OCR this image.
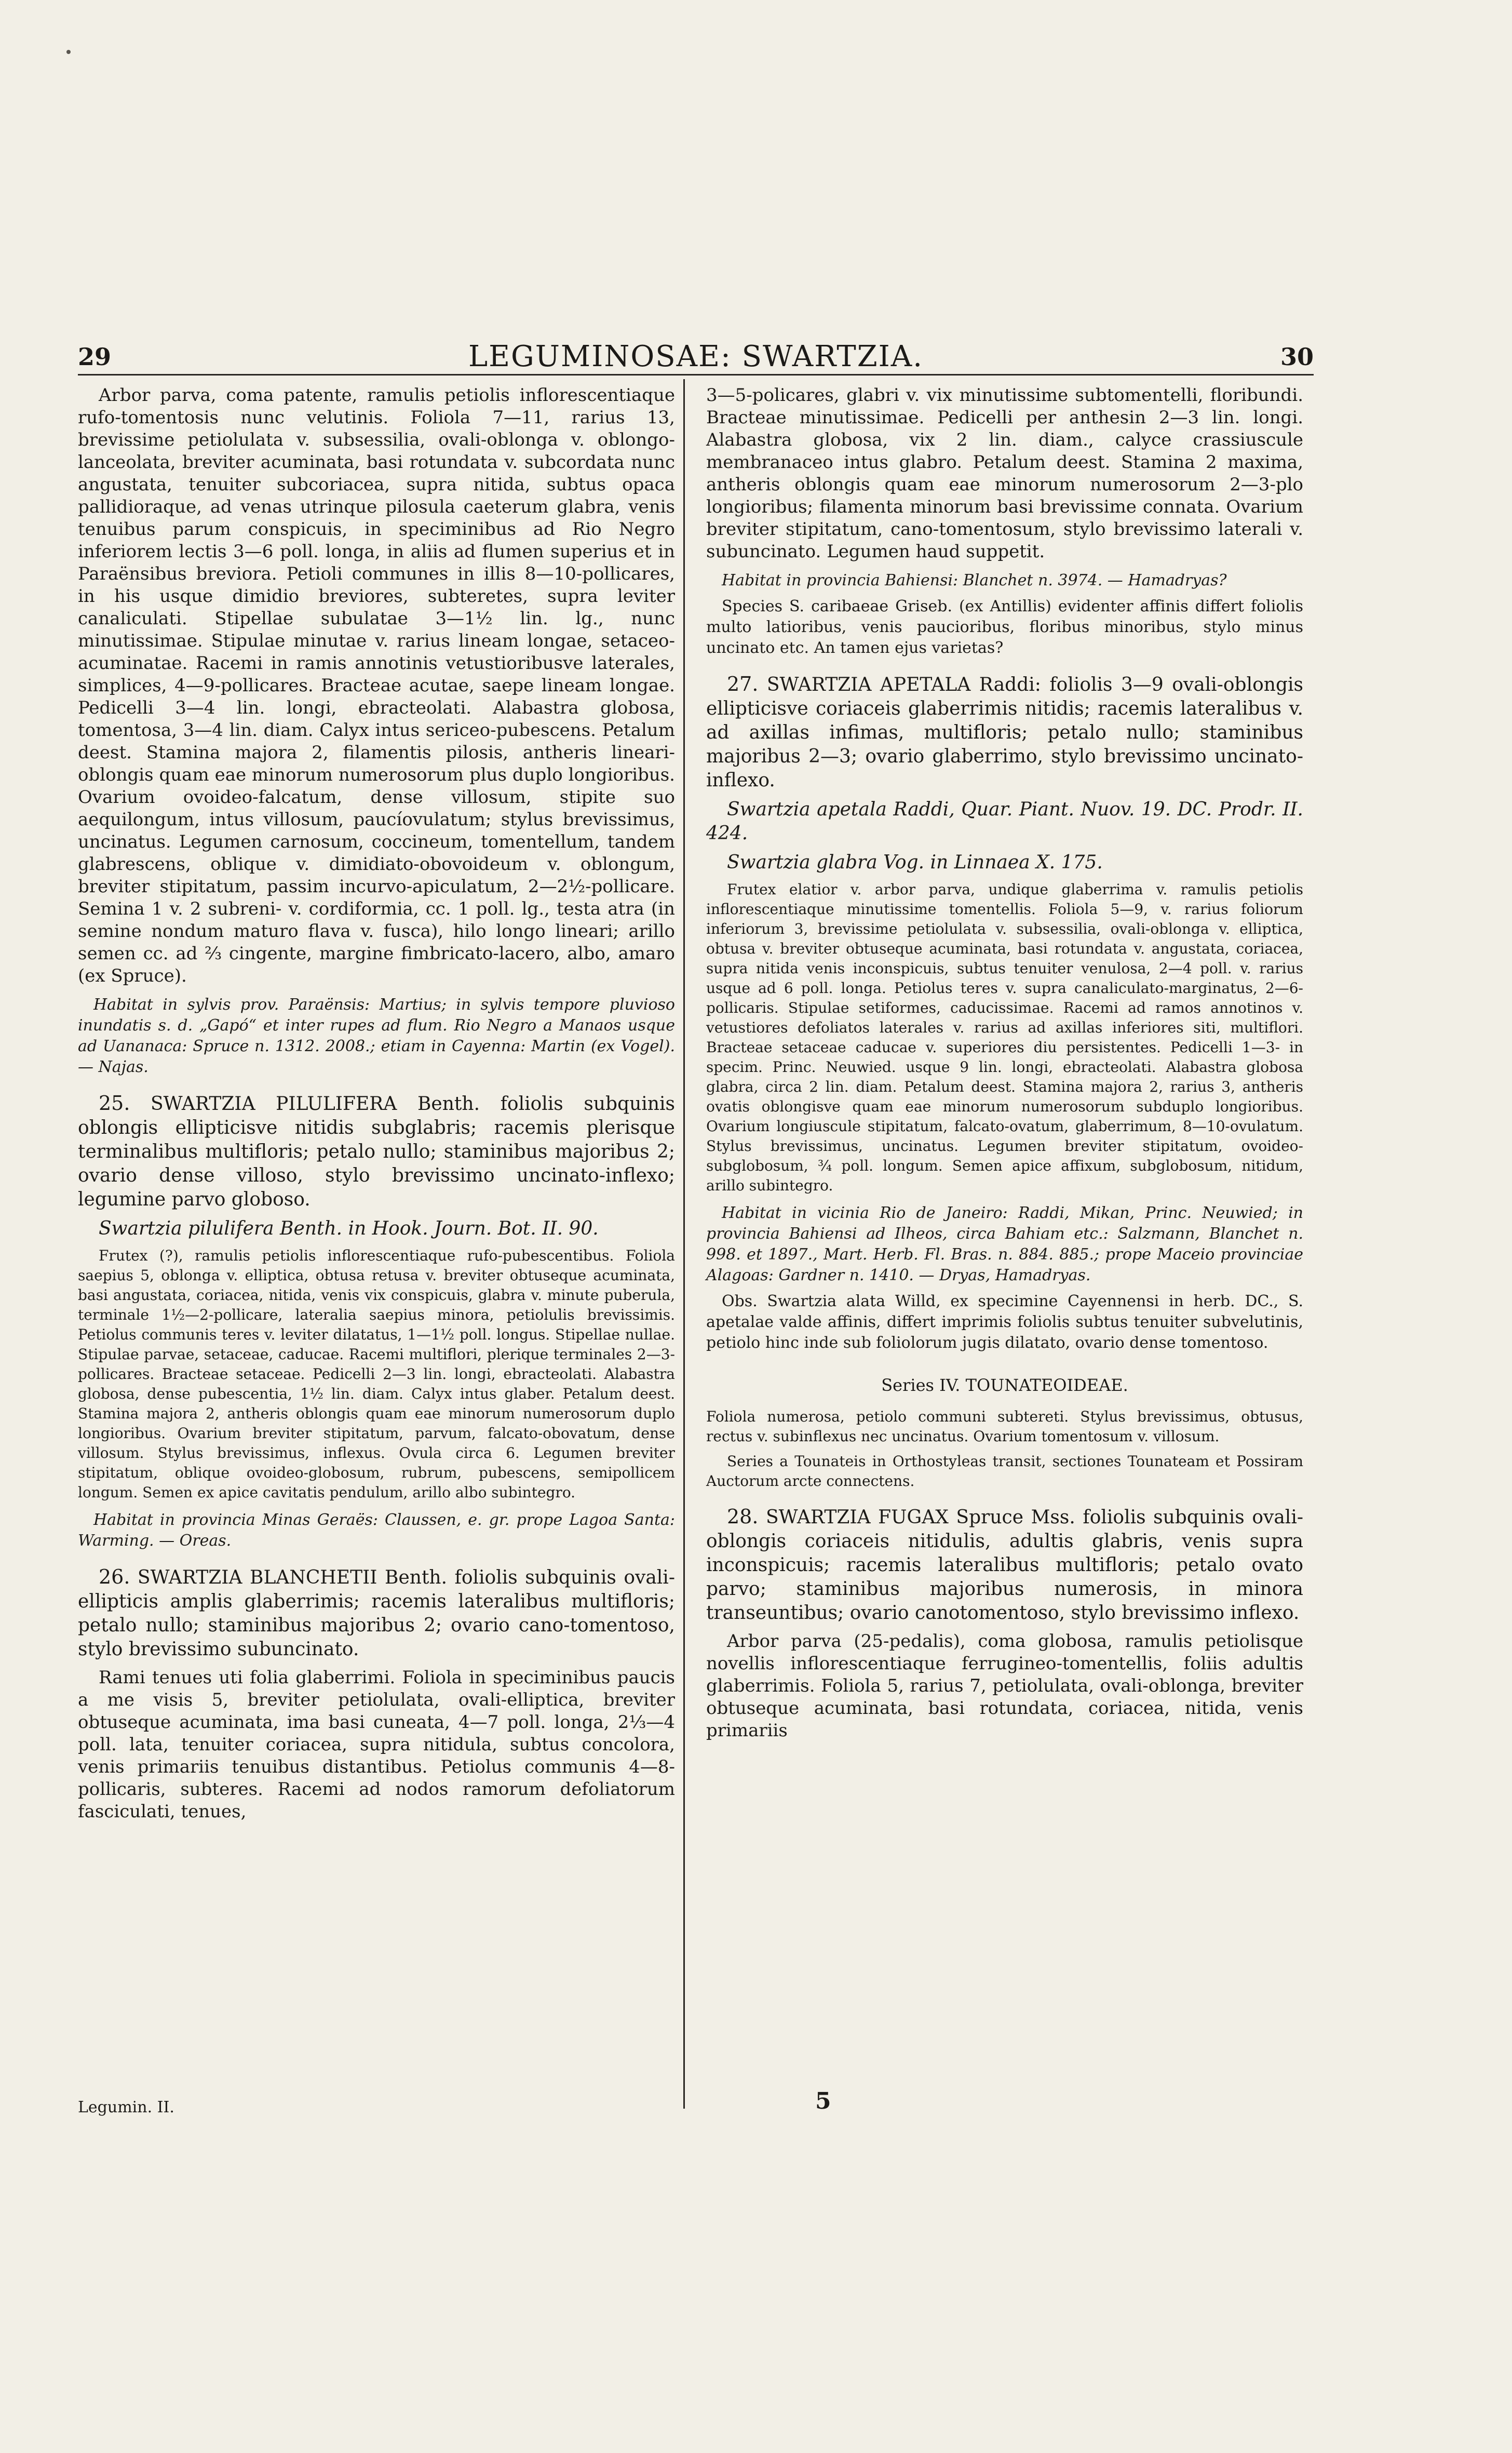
29	LEGUMINOSAE: SWARTZIA.	30

Arbor parva, coma patente, ramulis petiolis inflorescentiaque rufo-tomentosis nunc velutinis. Foliola 7—11, rarius 13, brevissime petiolulata v. subsessilia, ovali-oblonga v. oblongo-lanceolata, breviter acuminata, basi rotundata v. subcordata nunc angustata, tenuiter subcoriacea, supra nitida, subtus opaca pallidioraque, ad venas utrinque pilosula caeterum glabra, venis tenuibus parum conspicuis, in speciminibus ad Rio Negro inferiorem lectis 3—6 poll. longa, in aliis ad flumen superius et in Paraënsibus breviora. Petioli communes in illis 8—10-pollicares, in his usque dimidio breviores, subteretes, supra leviter canaliculati. Stipellae subulatae 3—1½ lin. lg., nunc minutissimae. Stipulae minutae v. rarius lineam longae, setaceo-acuminatae. Racemi in ramis annotinis vetustioribusve laterales, simplices, 4—9-pollicares. Bracteae acutae, saepe lineam longae. Pedicelli 3—4 lin. longi, ebracteolati. Alabastra globosa, tomentosa, 3—4 lin. diam. Calyx intus sericeo-pubescens. Petalum deest. Stamina majora 2, filamentis pilosis, antheris lineari-oblongis quam eae minorum numerosorum plus duplo longioribus. Ovarium ovoideo-falcatum, dense villosum, stipite suo aequilongum, intus villosum, paucíovulatum; stylus brevissimus, uncinatus. Legumen carnosum, coccineum, tomentellum, tandem glabrescens, oblique v. dimidiato-obovoideum v. oblongum, breviter stipitatum, passim incurvo-apiculatum, 2—2½-pollicare. Semina 1 v. 2 subreni- v. cordiformia, cc. 1 poll. lg., testa atra (in semine nondum maturo flava v. fusca), hilo longo lineari; arillo semen cc. ad ⅔ cingente, margine fimbricato-lacero, albo, amaro (ex Spruce).

Habitat in sylvis prov. Paraënsis: Martius; in sylvis tempore pluvioso inundatis s. d. „Gapó“ et inter rupes ad flum. Rio Negro a Manaos usque ad Uananaca: Spruce n. 1312. 2008.; etiam in Cayenna: Martin (ex Vogel). — Najas.

25. SWARTZIA PILULIFERA Benth. foliolis subquinis oblongis ellipticisve nitidis subglabris; racemis plerisque terminalibus multifloris; petalo nullo; staminibus majoribus 2; ovario dense villoso, stylo brevissimo uncinato-inflexo; legumine parvo globoso.

Swartzia pilulifera Benth. in Hook. Journ. Bot. II. 90.

Frutex (?), ramulis petiolis inflorescentiaque rufo-pubescentibus. Foliola saepius 5, oblonga v. elliptica, obtusa retusa v. breviter obtuseque acuminata, basi angustata, coriacea, nitida, venis vix conspicuis, glabra v. minute puberula, terminale 1½—2-pollicare, lateralia saepius minora, petiolulis brevissimis. Petiolus communis teres v. leviter dilatatus, 1—1½ poll. longus. Stipellae nullae. Stipulae parvae, setaceae, caducae. Racemi multiflori, plerique terminales 2—3-pollicares. Bracteae setaceae. Pedicelli 2—3 lin. longi, ebracteolati. Alabastra globosa, dense pubescentia, 1½ lin. diam. Calyx intus glaber. Petalum deest. Stamina majora 2, antheris oblongis quam eae minorum numerosorum duplo longioribus. Ovarium breviter stipitatum, parvum, falcato-obovatum, dense villosum. Stylus brevissimus, inflexus. Ovula circa 6. Legumen breviter stipitatum, oblique ovoideo-globosum, rubrum, pubescens, semipollicem longum. Semen ex apice cavitatis pendulum, arillo albo subintegro.

Habitat in provincia Minas Geraës: Claussen, e. gr. prope Lagoa Santa: Warming. — Oreas.

26. SWARTZIA BLANCHETII Benth. foliolis subquinis ovali-ellipticis amplis glaberrimis; racemis lateralibus multifloris; petalo nullo; staminibus majoribus 2; ovario cano-tomentoso, stylo brevissimo subuncinato.

Rami tenues uti folia glaberrimi. Foliola in speciminibus paucis a me visis 5, breviter petiolulata, ovali-elliptica, breviter obtuseque acuminata, ima basi cuneata, 4—7 poll. longa, 2⅓—4 poll. lata, tenuiter coriacea, supra nitidula, subtus concolora, venis primariis tenuibus distantibus. Petiolus communis 4—8-pollicaris, subteres. Racemi ad nodos ramorum defoliatorum fasciculati, tenues,

3—5-policares, glabri v. vix minutissime subtomentelli, floribundi. Bracteae minutissimae. Pedicelli per anthesin 2—3 lin. longi. Alabastra globosa, vix 2 lin. diam., calyce crassiuscule membranaceo intus glabro. Petalum deest. Stamina 2 maxima, antheris oblongis quam eae minorum numerosorum 2—3-plo longioribus; filamenta minorum basi brevissime connata. Ovarium breviter stipitatum, cano-tomentosum, stylo brevissimo laterali v. subuncinato. Legumen haud suppetit.

Habitat in provincia Bahiensi: Blanchet n. 3974. — Hamadryas?

Species S. caribaeae Griseb. (ex Antillis) evidenter affinis differt foliolis multo latioribus, venis paucioribus, floribus minoribus, stylo minus uncinato etc. An tamen ejus varietas?

27. SWARTZIA APETALA Raddi: foliolis 3—9 ovali-oblongis ellipticisve coriaceis glaberrimis nitidis; racemis lateralibus v. ad axillas infimas, multifloris; petalo nullo; staminibus majoribus 2—3; ovario glaberrimo, stylo brevissimo uncinato-inflexo.

Swartzia apetala Raddi, Quar. Piant. Nuov. 19. DC. Prodr. II. 424.

Swartzia glabra Vog. in Linnaea X. 175.

Frutex elatior v. arbor parva, undique glaberrima v. ramulis petiolis inflorescentiaque minutissime tomentellis. Foliola 5—9, v. rarius foliorum inferiorum 3, brevissime petiolulata v. subsessilia, ovali-oblonga v. elliptica, obtusa v. breviter obtuseque acuminata, basi rotundata v. angustata, coriacea, supra nitida venis inconspicuis, subtus tenuiter venulosa, 2—4 poll. v. rarius usque ad 6 poll. longa. Petiolus teres v. supra canaliculato-marginatus, 2—6-pollicaris. Stipulae setiformes, caducissimae. Racemi ad ramos annotinos v. vetustiores defoliatos laterales v. rarius ad axillas inferiores siti, multiflori. Bracteae setaceae caducae v. superiores diu persistentes. Pedicelli 1—3- in specim. Princ. Neuwied. usque 9 lin. longi, ebracteolati. Alabastra globosa glabra, circa 2 lin. diam. Petalum deest. Stamina majora 2, rarius 3, antheris ovatis oblongisve quam eae minorum numerosorum subduplo longioribus. Ovarium longiuscule stipitatum, falcato-ovatum, glaberrimum, 8—10-ovulatum. Stylus brevissimus, uncinatus. Legumen breviter stipitatum, ovoideo-subglobosum, ¾ poll. longum. Semen apice affixum, subglobosum, nitidum, arillo subintegro.

Habitat in vicinia Rio de Janeiro: Raddi, Mikan, Princ. Neuwied; in provincia Bahiensi ad Ilheos, circa Bahiam etc.: Salzmann, Blanchet n. 998. et 1897., Mart. Herb. Fl. Bras. n. 884. 885.; prope Maceio provinciae Alagoas: Gardner n. 1410. — Dryas, Hamadryas.

Obs. Swartzia alata Willd, ex specimine Cayennensi in herb. DC., S. apetalae valde affinis, differt imprimis foliolis subtus tenuiter subvelutinis, petiolo hinc inde sub foliolorum jugis dilatato, ovario dense tomentoso.

Series IV. TOUNATEOIDEAE.

Foliola numerosa, petiolo communi subtereti. Stylus brevissimus, obtusus, rectus v. subinflexus nec uncinatus. Ovarium tomentosum v. villosum.

Series a Tounateis in Orthostyleas transit, sectiones Tounateam et Possiram Auctorum arcte connectens.

28. SWARTZIA FUGAX Spruce Mss. foliolis subquinis ovali-oblongis coriaceis nitidulis, adultis glabris, venis supra inconspicuis; racemis lateralibus multifloris; petalo ovato parvo; staminibus majoribus numerosis, in minora transeuntibus; ovario canotomentoso, stylo brevissimo inflexo.

Arbor parva (25-pedalis), coma globosa, ramulis petiolisque novellis inflorescentiaque ferrugineo-tomentellis, foliis adultis glaberrimis. Foliola 5, rarius 7, petiolulata, ovali-oblonga, breviter obtuseque acuminata, basi rotundata, coriacea, nitida, venis primariis

Legumin. II.	5
